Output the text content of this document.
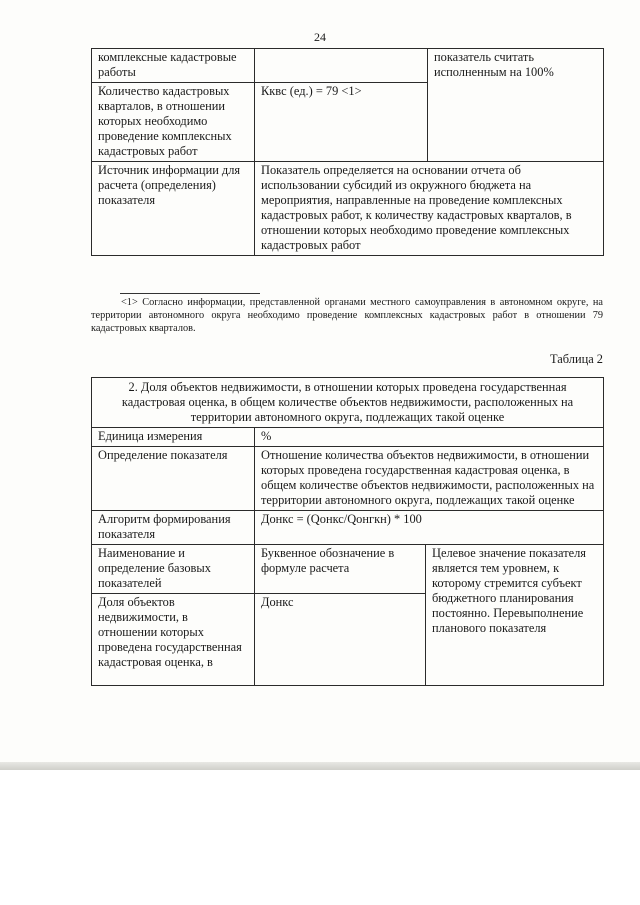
24
комплексные кадастровые работы		показатель считать исполненным на 100%
Количество кадастровых кварталов, в отношении которых необходимо проведение комплексных кадастровых работ	Кквc (ед.) = 79 <1>	
Источник информации для расчета (определения) показателя	Показатель определяется на основании отчета об использовании субсидий из окружного бюджета на мероприятия, направленные на проведение комплексных кадастровых работ, к количеству кадастровых кварталов, в отношении которых необходимо проведение комплексных кадастровых работ	
<1> Согласно информации, представленной органами местного самоуправления в автономном округе, на территории автономного округа необходимо проведение комплексных кадастровых работ в отношении 79 кадастровых кварталов.
Таблица 2
2. Доля объектов недвижимости, в отношении которых проведена государственная кадастровая оценка, в общем количестве объектов недвижимости, расположенных на территории автономного округа, подлежащих такой оценке		
Единица измерения	%	
Определение показателя	Отношение количества объектов недвижимости, в отношении которых проведена государственная кадастровая оценка, в общем количестве объектов недвижимости, расположенных на территории автономного округа, подлежащих такой оценке	
Алгоритм формирования показателя	Донкс = (Qонкс/Qонгкн) * 100	
Наименование и определение базовых показателей	Буквенное обозначение в формуле расчета	Целевое значение показателя является тем уровнем, к которому стремится субъект бюджетного планирования постоянно. Перевыполнение планового показателя
Доля объектов недвижимости, в отношении которых проведена государственная кадастровая оценка, в	Донкс	
